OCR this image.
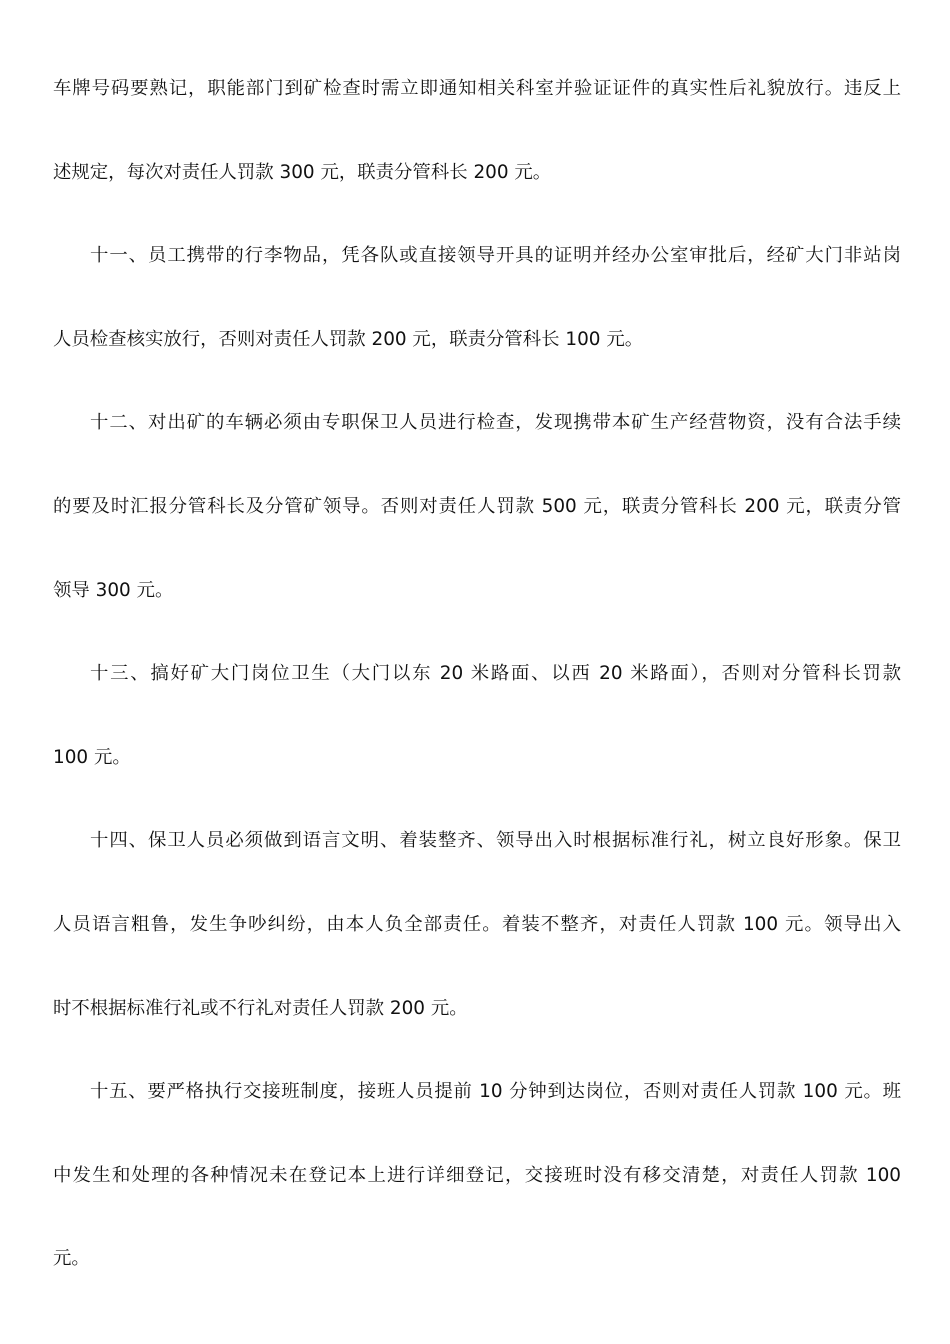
车牌号码要熟记，职能部门到矿检查时需立即通知相关科室并验证证件的真实性后礼貌放行。违反上
述规定，每次对责任人罚款 300 元，联责分管科长 200 元。

十一、员工携带的行李物品，凭各队或直接领导开具的证明并经办公室审批后，经矿大门非站岗
人员检查核实放行，否则对责任人罚款 200 元，联责分管科长 100 元。

十二、对出矿的车辆必须由专职保卫人员进行检查，发现携带本矿生产经营物资，没有合法手续
的要及时汇报分管科长及分管矿领导。否则对责任人罚款 500 元，联责分管科长 200 元，联责分管
领导 300 元。

十三、搞好矿大门岗位卫生（大门以东 20 米路面、以西 20 米路面），否则对分管科长罚款
100 元。

十四、保卫人员必须做到语言文明、着装整齐、领导出入时根据标准行礼，树立良好形象。保卫
人员语言粗鲁，发生争吵纠纷，由本人负全部责任。着装不整齐，对责任人罚款 100 元。领导出入
时不根据标准行礼或不行礼对责任人罚款 200 元。

十五、要严格执行交接班制度，接班人员提前 10 分钟到达岗位，否则对责任人罚款 100 元。班
中发生和处理的各种情况未在登记本上进行详细登记，交接班时没有移交清楚，对责任人罚款 100
元。
